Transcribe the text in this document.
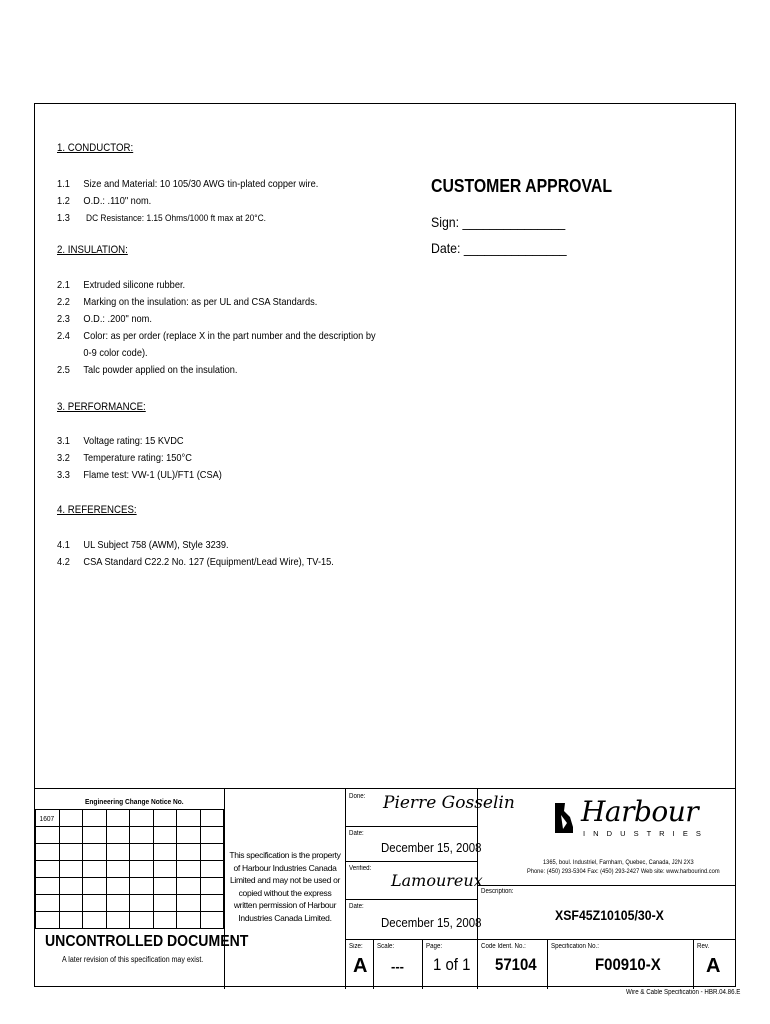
1. CONDUCTOR:
1.1 Size and Material: 10 105/30 AWG tin-plated copper wire.
1.2 O.D.: .110" nom.
1.3 DC Resistance: 1.15 Ohms/1000 ft max at 20°C.
2. INSULATION:
2.1 Extruded silicone rubber.
2.2 Marking on the insulation: as per UL and CSA Standards.
2.3 O.D.: .200" nom.
2.4 Color: as per order (replace X in the part number and the description by
0-9 color code).
2.5 Talc powder applied on the insulation.
3. PERFORMANCE:
3.1 Voltage rating: 15 KVDC
3.2 Temperature rating: 150°C
3.3 Flame test: VW-1 (UL)/FT1 (CSA)
4. REFERENCES:
4.1 UL Subject 758 (AWM), Style 3239.
4.2 CSA Standard C22.2 No. 127 (Equipment/Lead Wire), TV-15.
CUSTOMER APPROVAL
Sign: _______________
Date: _______________
Engineering Change Notice No.
1607							

UNCONTROLLED DOCUMENT
A later revision of this specification may exist.
This specification is the property of Harbour Industries Canada Limited and may not be used or copied without the express written permission of Harbour Industries Canada Limited.
Done: Pierre Gosselin
Date:
December 15, 2008
Verified:
Lamoureux
Date:
December 15, 2008
Harbour
I N D U S T R I E S
1365, boul. Industriel, Farnham, Quebec, Canada, J2N 2X3
Phone: (450) 293-5304 Fax: (450) 293-2427 Web site: www.harbourind.com
Description:
XSF45Z10105/30-X
Size:
A
Scale:
---
Page:
1 of 1
Code Ident. No.:
57104
Specification No.:
F00910-X
Rev.
A
Wire & Cable Specification - HBR.04.86.E
